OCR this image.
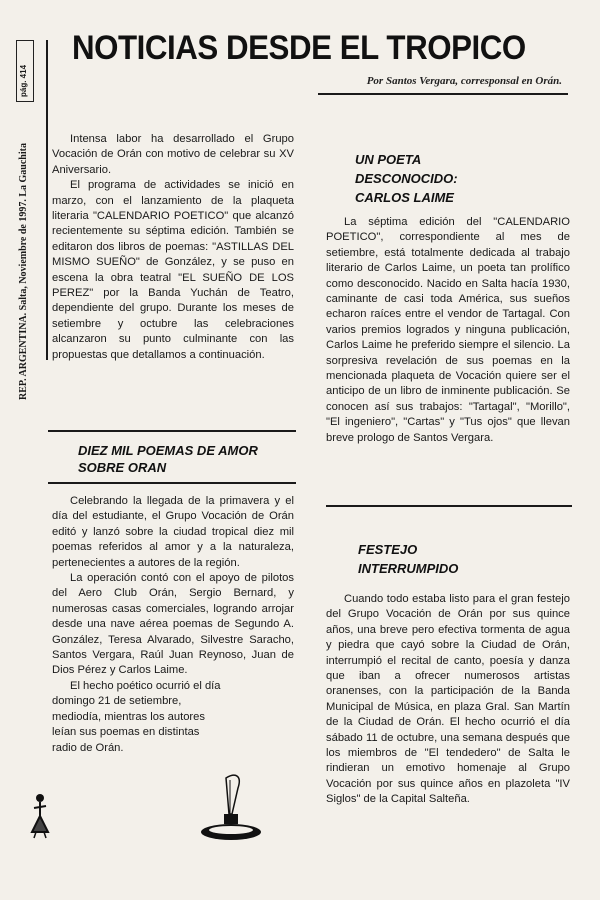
pág. 414
REP. ARGENTINA. Salta, Noviembre de 1997. La Gauchita
NOTICIAS DESDE EL TROPICO
Por Santos Vergara, corresponsal en Orán.

Intensa labor ha desarrollado el Grupo Vocación de Orán con motivo de celebrar su XV Aniversario.

El programa de actividades se inició en marzo, con el lanzamiento de la plaqueta literaria "CALENDARIO POETICO" que alcanzó recientemente su séptima edición. También se editaron dos libros de poemas: "ASTILLAS DEL MISMO SUEÑO" de González, y se puso en escena la obra teatral "EL SUEÑO DE LOS PEREZ" por la Banda Yuchán de Teatro, dependiente del grupo. Durante los meses de setiembre y octubre las celebraciones alcanzaron su punto culminante con las propuestas que detallamos a continuación.

DIEZ MIL POEMAS DE AMOR SOBRE ORAN

Celebrando la llegada de la primavera y el día del estudiante, el Grupo Vocación de Orán editó y lanzó sobre la ciudad tropical diez mil poemas referidos al amor y a la naturaleza, pertenecientes a autores de la región.

La operación contó con el apoyo de pilotos del Aero Club Orán, Sergio Bernard, y numerosas casas comerciales, logrando arrojar desde una nave aérea poemas de Segundo A. González, Teresa Alvarado, Silvestre Saracho, Santos Vergara, Raúl Juan Reynoso, Juan de Dios Pérez y Carlos Laime.

El hecho poético ocurrió el día domingo 21 de setiembre, mediodía, mientras los autores leían sus poemas en distintas radio de Orán.

UN POETA
DESCONOCIDO:
CARLOS LAIME

La séptima edición del "CALENDARIO POETICO", correspondiente al mes de setiembre, está totalmente dedicada al trabajo literario de Carlos Laime, un poeta tan prolífico como desconocido. Nacido en Salta hacía 1930, caminante de casi toda América, sus sueños echaron raíces entre el vendor de Tartagal. Con varios premios logrados y ninguna publicación, Carlos Laime he preferido siempre el silencio. La sorpresiva revelación de sus poemas en la mencionada plaqueta de Vocación quiere ser el anticipo de un libro de inminente publicación. Se conocen así sus trabajos: "Tartagal", "Morillo", "El ingeniero", "Cartas" y "Tus ojos" que llevan breve prologo de Santos Vergara.

FESTEJO
INTERRUMPIDO

Cuando todo estaba listo para el gran festejo del Grupo Vocación de Orán por sus quince años, una breve pero efectiva tormenta de agua y piedra que cayó sobre la Ciudad de Orán, interrumpió el recital de canto, poesía y danza que iban a ofrecer numerosos artistas oranenses, con la participación de la Banda Municipal de Música, en plaza Gral. San Martín de la Ciudad de Orán. El hecho ocurrió el día sábado 11 de octubre, una semana después que los miembros de "El tendedero" de Salta le rindieran un emotivo homenaje al Grupo Vocación por sus quince años en plazoleta "IV Siglos" de la Capital Salteña.
